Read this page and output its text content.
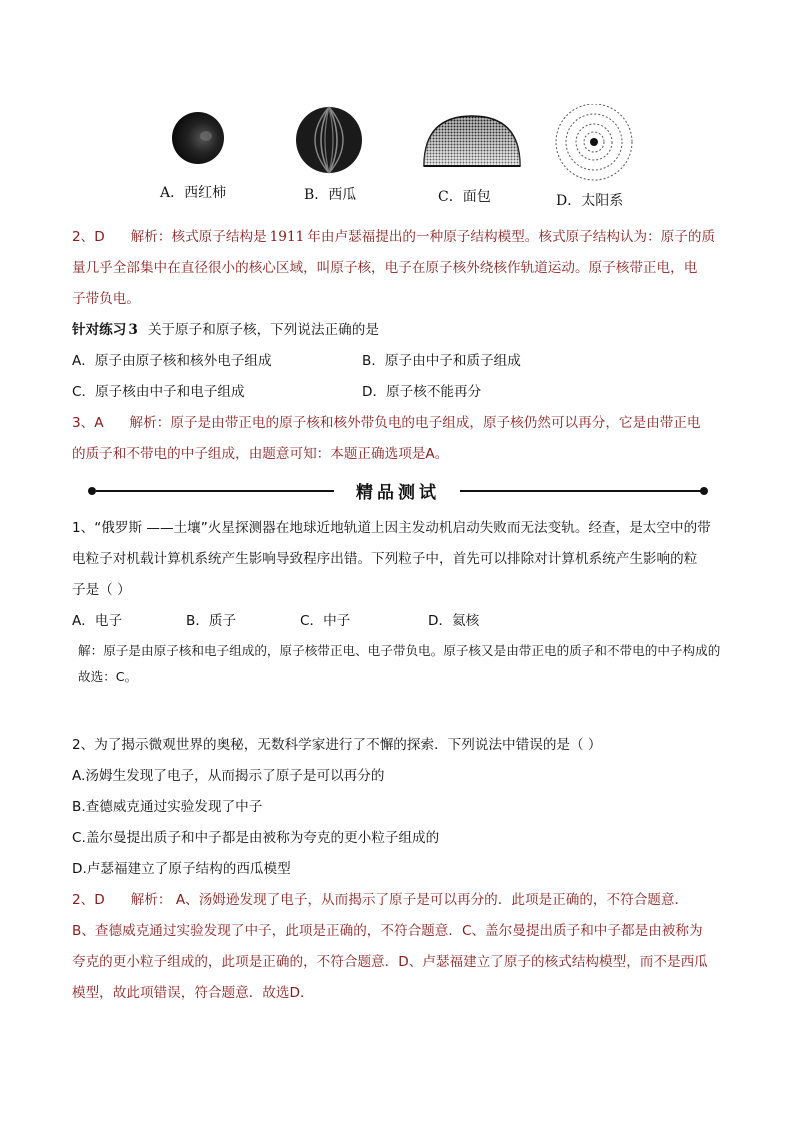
A．西红柿	B．西瓜	C．面包	D．太阳系
2、D 解析：核式原子结构是 1911 年由卢瑟福提出的一种原子结构模型。核式原子结构认为：原子的质
量几乎全部集中在直径很小的核心区域，叫原子核，电子在原子核外绕核作轨道运动。原子核带正电，电
子带负电。
针对练习 3 关于原子和原子核，下列说法正确的是
A．原子由原子核和核外电子组成	B．原子由中子和质子组成
C．原子核由中子和电子组成	D．原子核不能再分
3、A 解析：原子是由带正电的原子核和核外带负电的电子组成，原子核仍然可以再分，它是由带正电
的质子和不带电的中子组成，由题意可知：本题正确选项是A。
精品测试
1、“俄罗斯 ——土壤”火星探测器在地球近地轨道上因主发动机启动失败而无法变轨。经查，是太空中的带
电粒子对机载计算机系统产生影响导致程序出错。下列粒子中，首先可以排除对计算机系统产生影响的粒
子是（ ）
A．电子	B．质子	C．中子	D．氦核
解：原子是由原子核和电子组成的，原子核带正电、电子带负电。原子核又是由带正电的质子和不带电的中子构成的
故选：C。
2、为了揭示微观世界的奥秘，无数科学家进行了不懈的探索．下列说法中错误的是（ ）
A.汤姆生发现了电子，从而揭示了原子是可以再分的
B.查德威克通过实验发现了中子
C.盖尔曼提出质子和中子都是由被称为夸克的更小粒子组成的
D.卢瑟福建立了原子结构的西瓜模型
2、D 解析： A、汤姆逊发现了电子，从而揭示了原子是可以再分的．此项是正确的，不符合题意．
B、查德威克通过实验发现了中子，此项是正确的，不符合题意．C、盖尔曼提出质子和中子都是由被称为
夸克的更小粒子组成的，此项是正确的，不符合题意．D、卢瑟福建立了原子的核式结构模型，而不是西瓜
模型，故此项错误，符合题意．故选D．
